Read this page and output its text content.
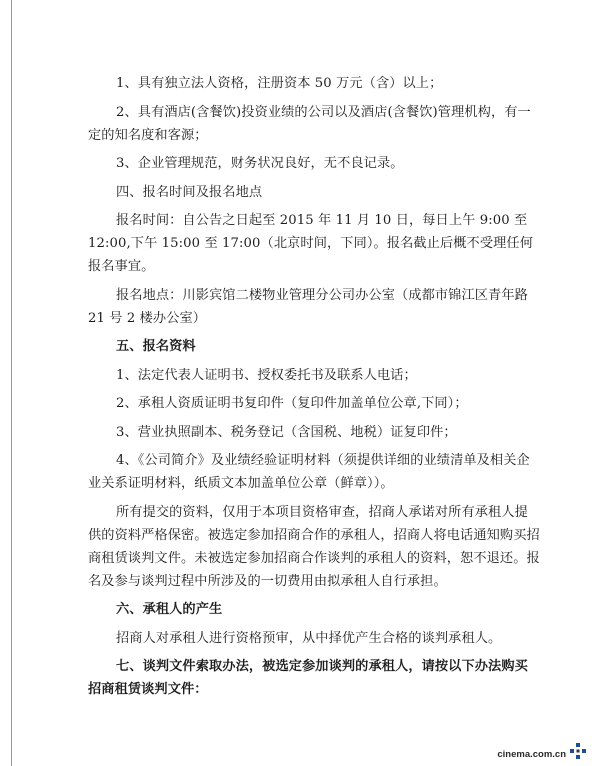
1、具有独立法人资格，注册资本 50 万元（含）以上；

2、具有酒店(含餐饮)投资业绩的公司以及酒店(含餐饮)管理机构，有一定的知名度和客源；

3、企业管理规范，财务状况良好，无不良记录。

四、报名时间及报名地点

报名时间：自公告之日起至 2015 年 11 月 10 日，每日上午 9:00 至 12:00,下午 15:00 至 17:00（北京时间，下同）。报名截止后概不受理任何报名事宜。

报名地点：川影宾馆二楼物业管理分公司办公室（成都市锦江区青年路 21 号 2 楼办公室）

五、报名资料

1、法定代表人证明书、授权委托书及联系人电话；

2、承租人资质证明书复印件（复印件加盖单位公章,下同）；

3、营业执照副本、税务登记（含国税、地税）证复印件；

4、《公司简介》及业绩经验证明材料（须提供详细的业绩清单及相关企业关系证明材料，纸质文本加盖单位公章（鲜章））。

所有提交的资料，仅用于本项目资格审查，招商人承诺对所有承租人提供的资料严格保密。被选定参加招商合作的承租人，招商人将电话通知购买招商租赁谈判文件。未被选定参加招商合作谈判的承租人的资料，恕不退还。报名及参与谈判过程中所涉及的一切费用由拟承租人自行承担。

六、承租人的产生

招商人对承租人进行资格预审，从中择优产生合格的谈判承租人。

七、谈判文件索取办法，被选定参加谈判的承租人，请按以下办法购买招商租赁谈判文件：

cinema.com.cn
